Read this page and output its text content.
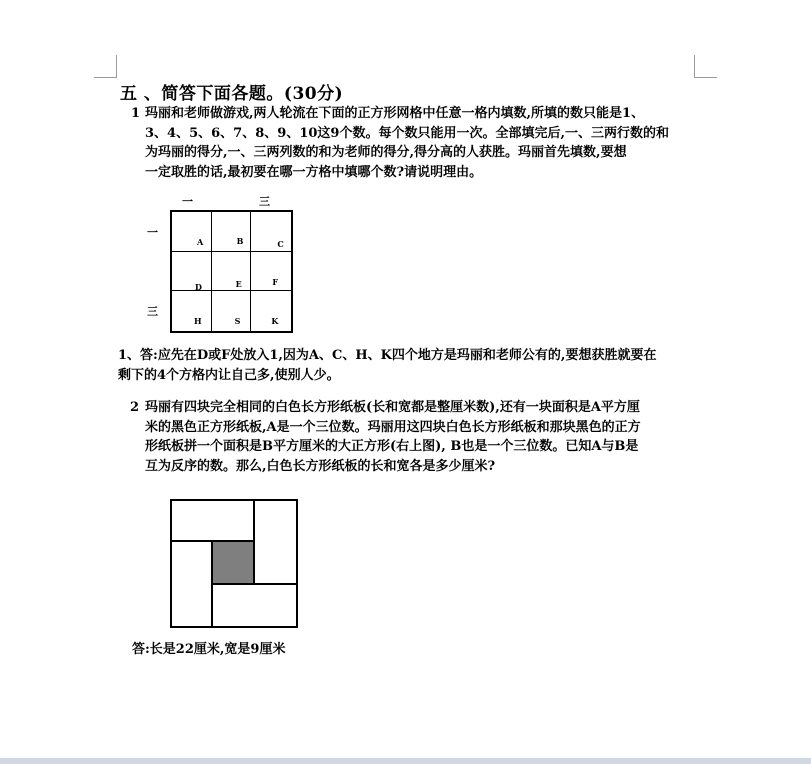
五 、简答下面各题。(30分)
1 玛丽和老师做游戏,两人轮流在下面的正方形网格中任意一格内填数,所填的数只能是1、
3、4、5、6、7、8、9、10这9个数。每个数只能用一次。全部填完后,一、三两行数的和
为玛丽的得分,一、三两列数的和为老师的得分,得分高的人获胜。玛丽首先填数,要想
一定取胜的话,最初要在哪一方格中填哪个数?请说明理由。
一	三
一
三
A	B	C
D	E	F
H	S	K
1、答:应先在D或F处放入1,因为A、C、H、K四个地方是玛丽和老师公有的,要想获胜就要在
剩下的4个方格内让自己多,使别人少。
2 玛丽有四块完全相同的白色长方形纸板(长和宽都是整厘米数),还有一块面积是A平方厘
米的黑色正方形纸板,A是一个三位数。玛丽用这四块白色长方形纸板和那块黑色的正方
形纸板拼一个面积是B平方厘米的大正方形(右上图), B也是一个三位数。已知A与B是
互为反序的数。那么,白色长方形纸板的长和宽各是多少厘米?
答:长是22厘米,宽是9厘米
